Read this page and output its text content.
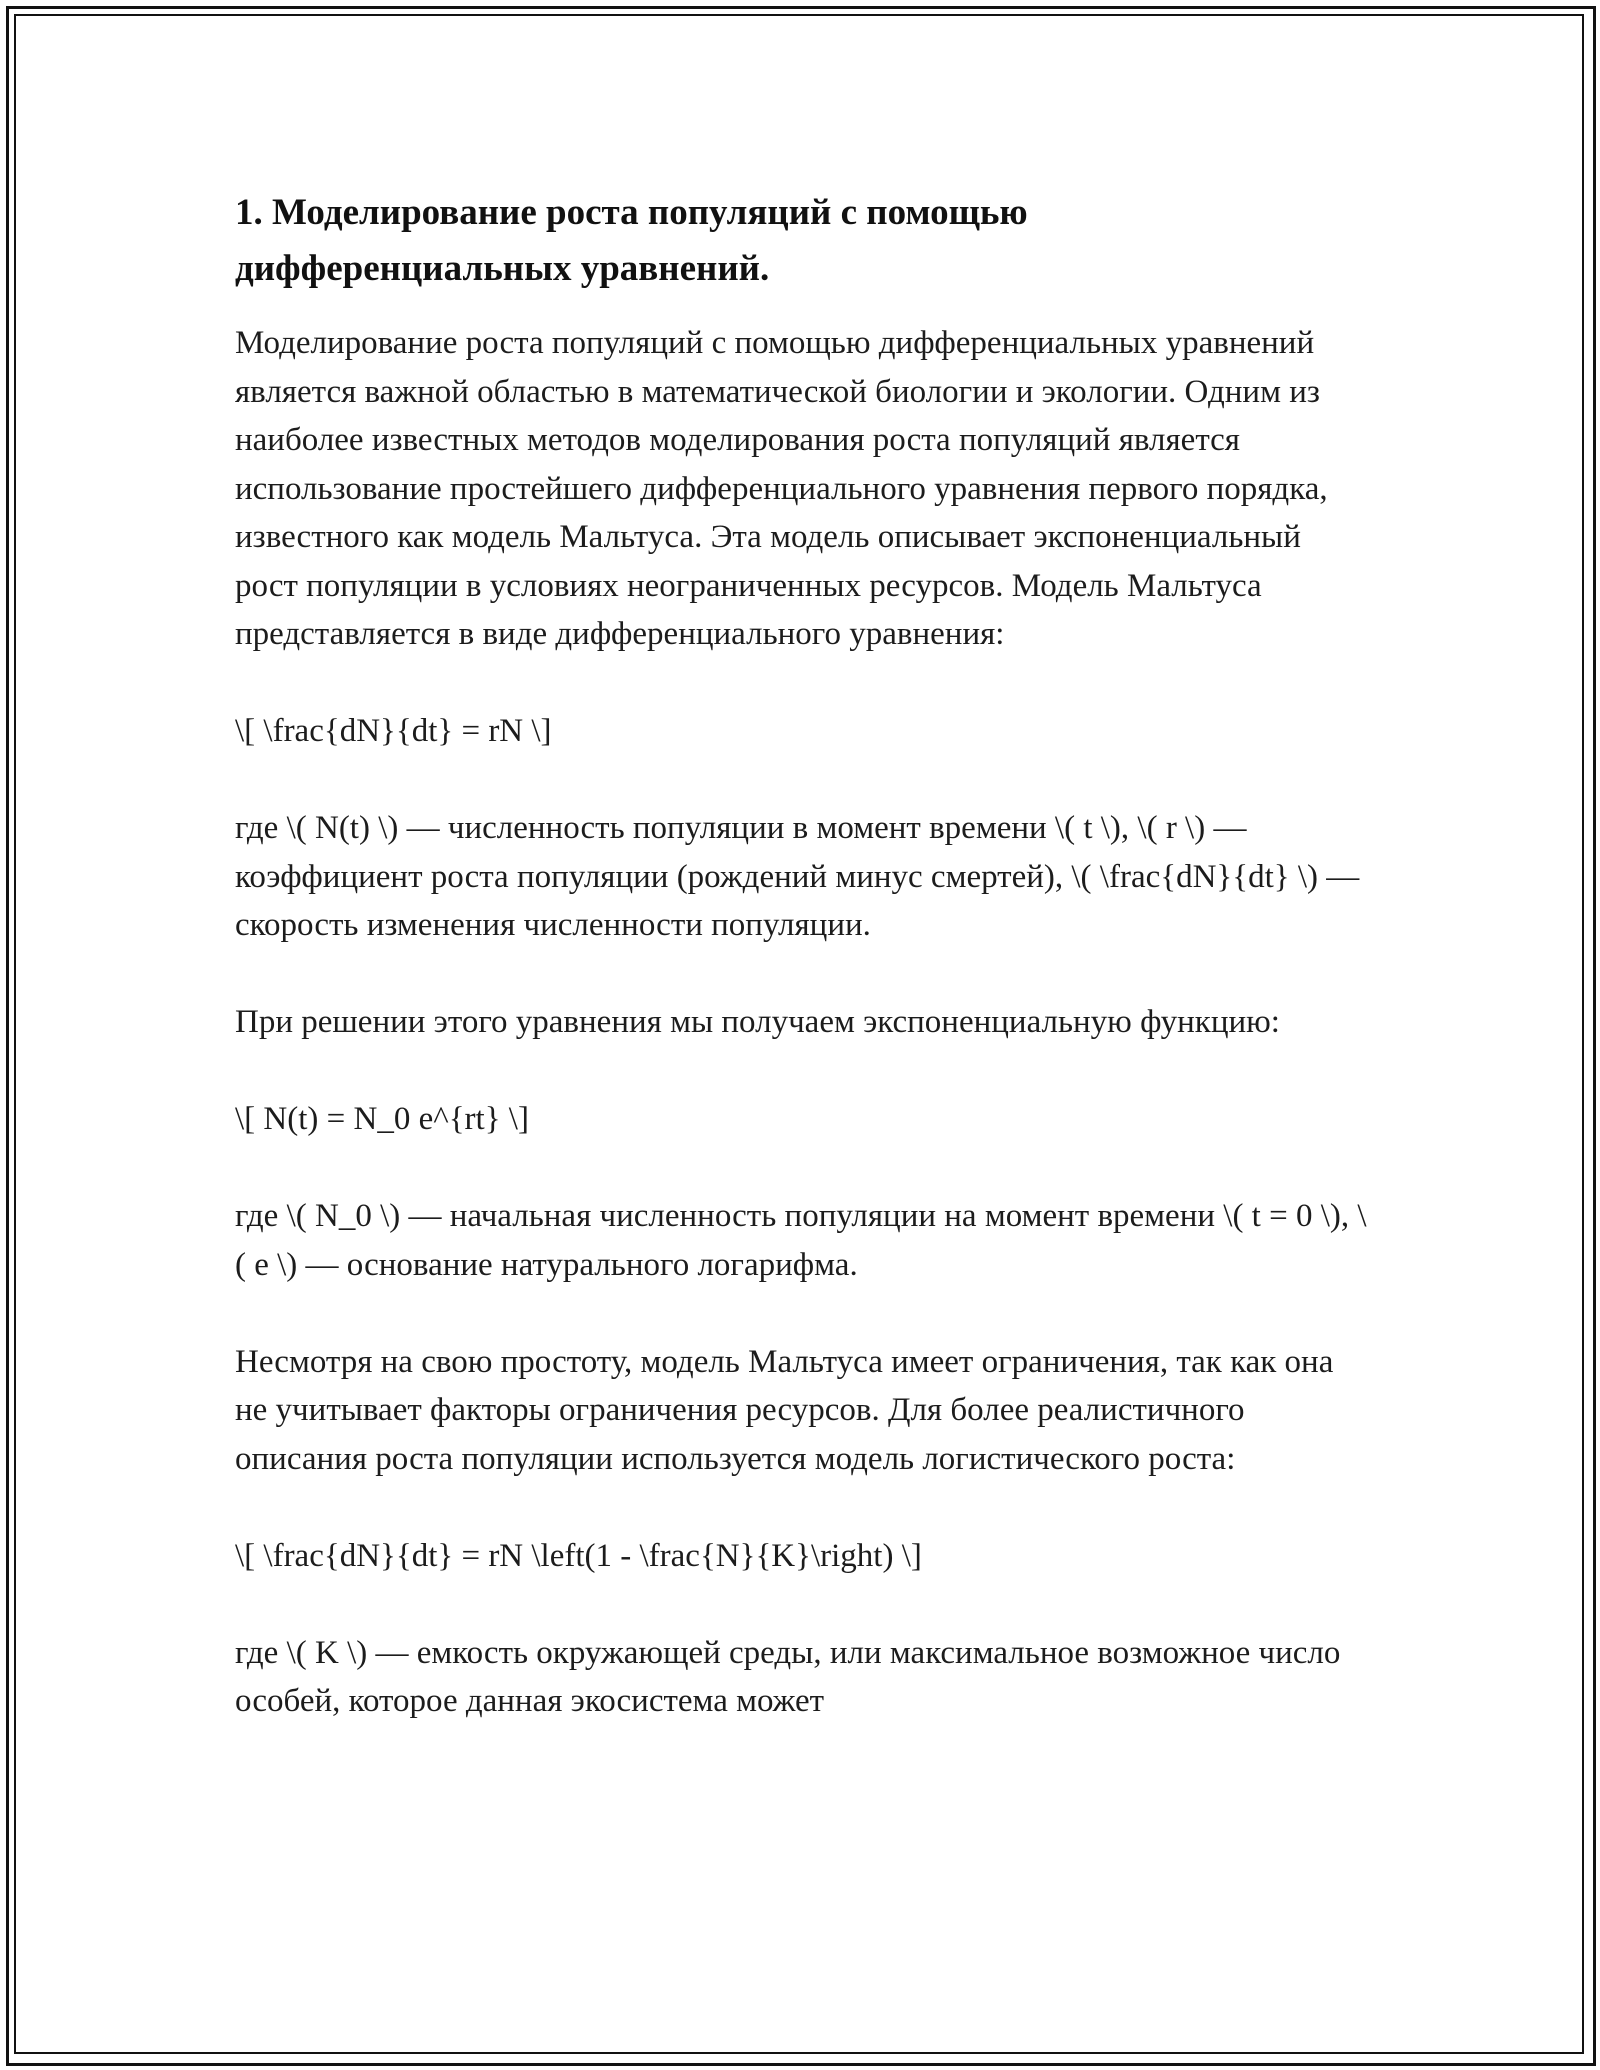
1. Моделирование роста популяций с помощью дифференциальных уравнений.

Моделирование роста популяций с помощью дифференциальных уравнений является важной областью в математической биологии и экологии. Одним из наиболее известных методов моделирования роста популяций является использование простейшего дифференциального уравнения первого порядка, известного как модель Мальтуса. Эта модель описывает экспоненциальный рост популяции в условиях неограниченных ресурсов. Модель Мальтуса представляется в виде дифференциального уравнения:

\[ \frac{dN}{dt} = rN \]

где \( N(t) \) — численность популяции в момент времени \( t \), \( r \) — коэффициент роста популяции (рождений минус смертей), \( \frac{dN}{dt} \) — скорость изменения численности популяции.

При решении этого уравнения мы получаем экспоненциальную функцию:

\[ N(t) = N_0 e^{rt} \]

где \( N_0 \) — начальная численность популяции на момент времени \( t = 0 \), \( e \) — основание натурального логарифма.

Несмотря на свою простоту, модель Мальтуса имеет ограничения, так как она не учитывает факторы ограничения ресурсов. Для более реалистичного описания роста популяции используется модель логистического роста:

\[ \frac{dN}{dt} = rN \left(1 - \frac{N}{K}\right) \]

где \( K \) — емкость окружающей среды, или максимальное возможное число особей, которое данная экосистема может
